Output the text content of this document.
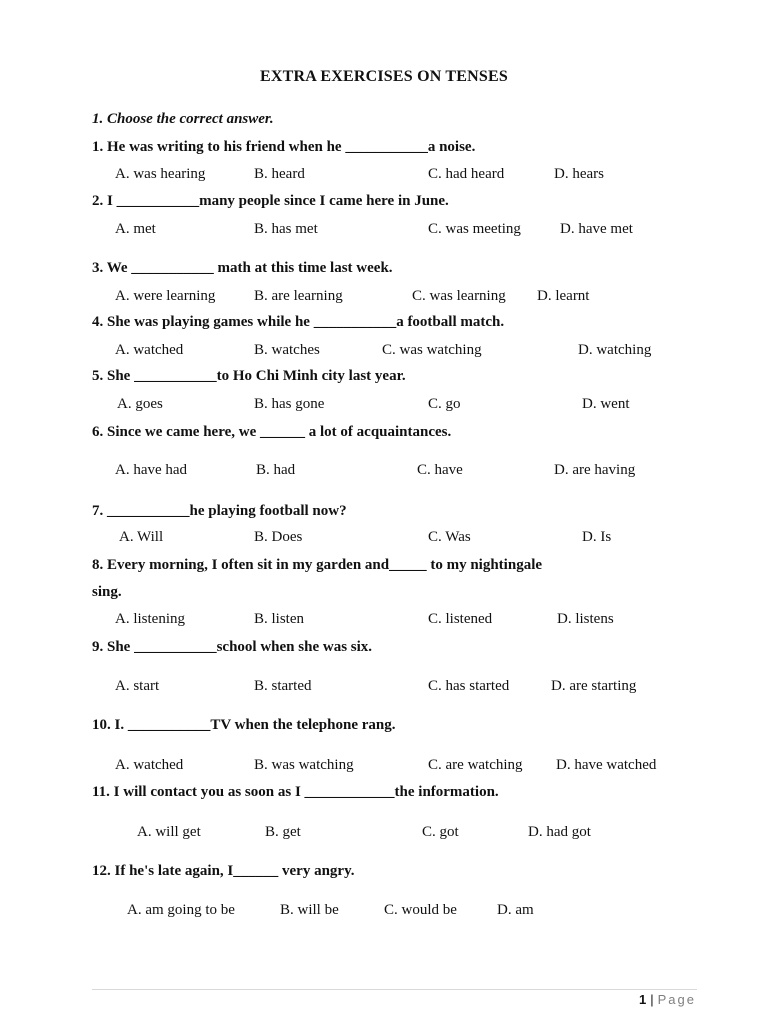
EXTRA EXERCISES ON TENSES
1. Choose the correct answer.
1. He was writing to his friend when he ___________a noise.
A. was hearing	B. heard	C. had heard	D. hears
2. I ___________many people since I came here in June.
A. met	B. has met	C. was meeting	D. have met
3. We ___________ math at this time last week.
A. were learning	B. are learning	C. was learning D. learnt
4. She was playing games while he ___________a football match.
A. watched	B. watches	C. was watching	D. watching
5. She ___________to Ho Chi Minh city last year.
A. goes	B. has gone	C. go	D. went
6. Since we came here, we ______ a lot of acquaintances.
A. have had	B. had	C. have	D. are having
7. ___________he playing football now?
A. Will	B. Does	C. Was	D. Is
8. Every morning, I often sit in my garden and_____ to my nightingale
sing.
A. listening	B. listen	C. listened	D. listens
9. She ___________school when she was six.
A. start	B. started	C. has started	D. are starting
10. I. ___________TV when the telephone rang.
A. watched	B. was watching	C. are watching D. have watched
11. I will contact you as soon as I ____________the information.
A. will get	B. get	C. got	D. had got
12. If he's late again, I______ very angry.
A. am going to be	B. will be	C. would be	D. am
1 | Page
